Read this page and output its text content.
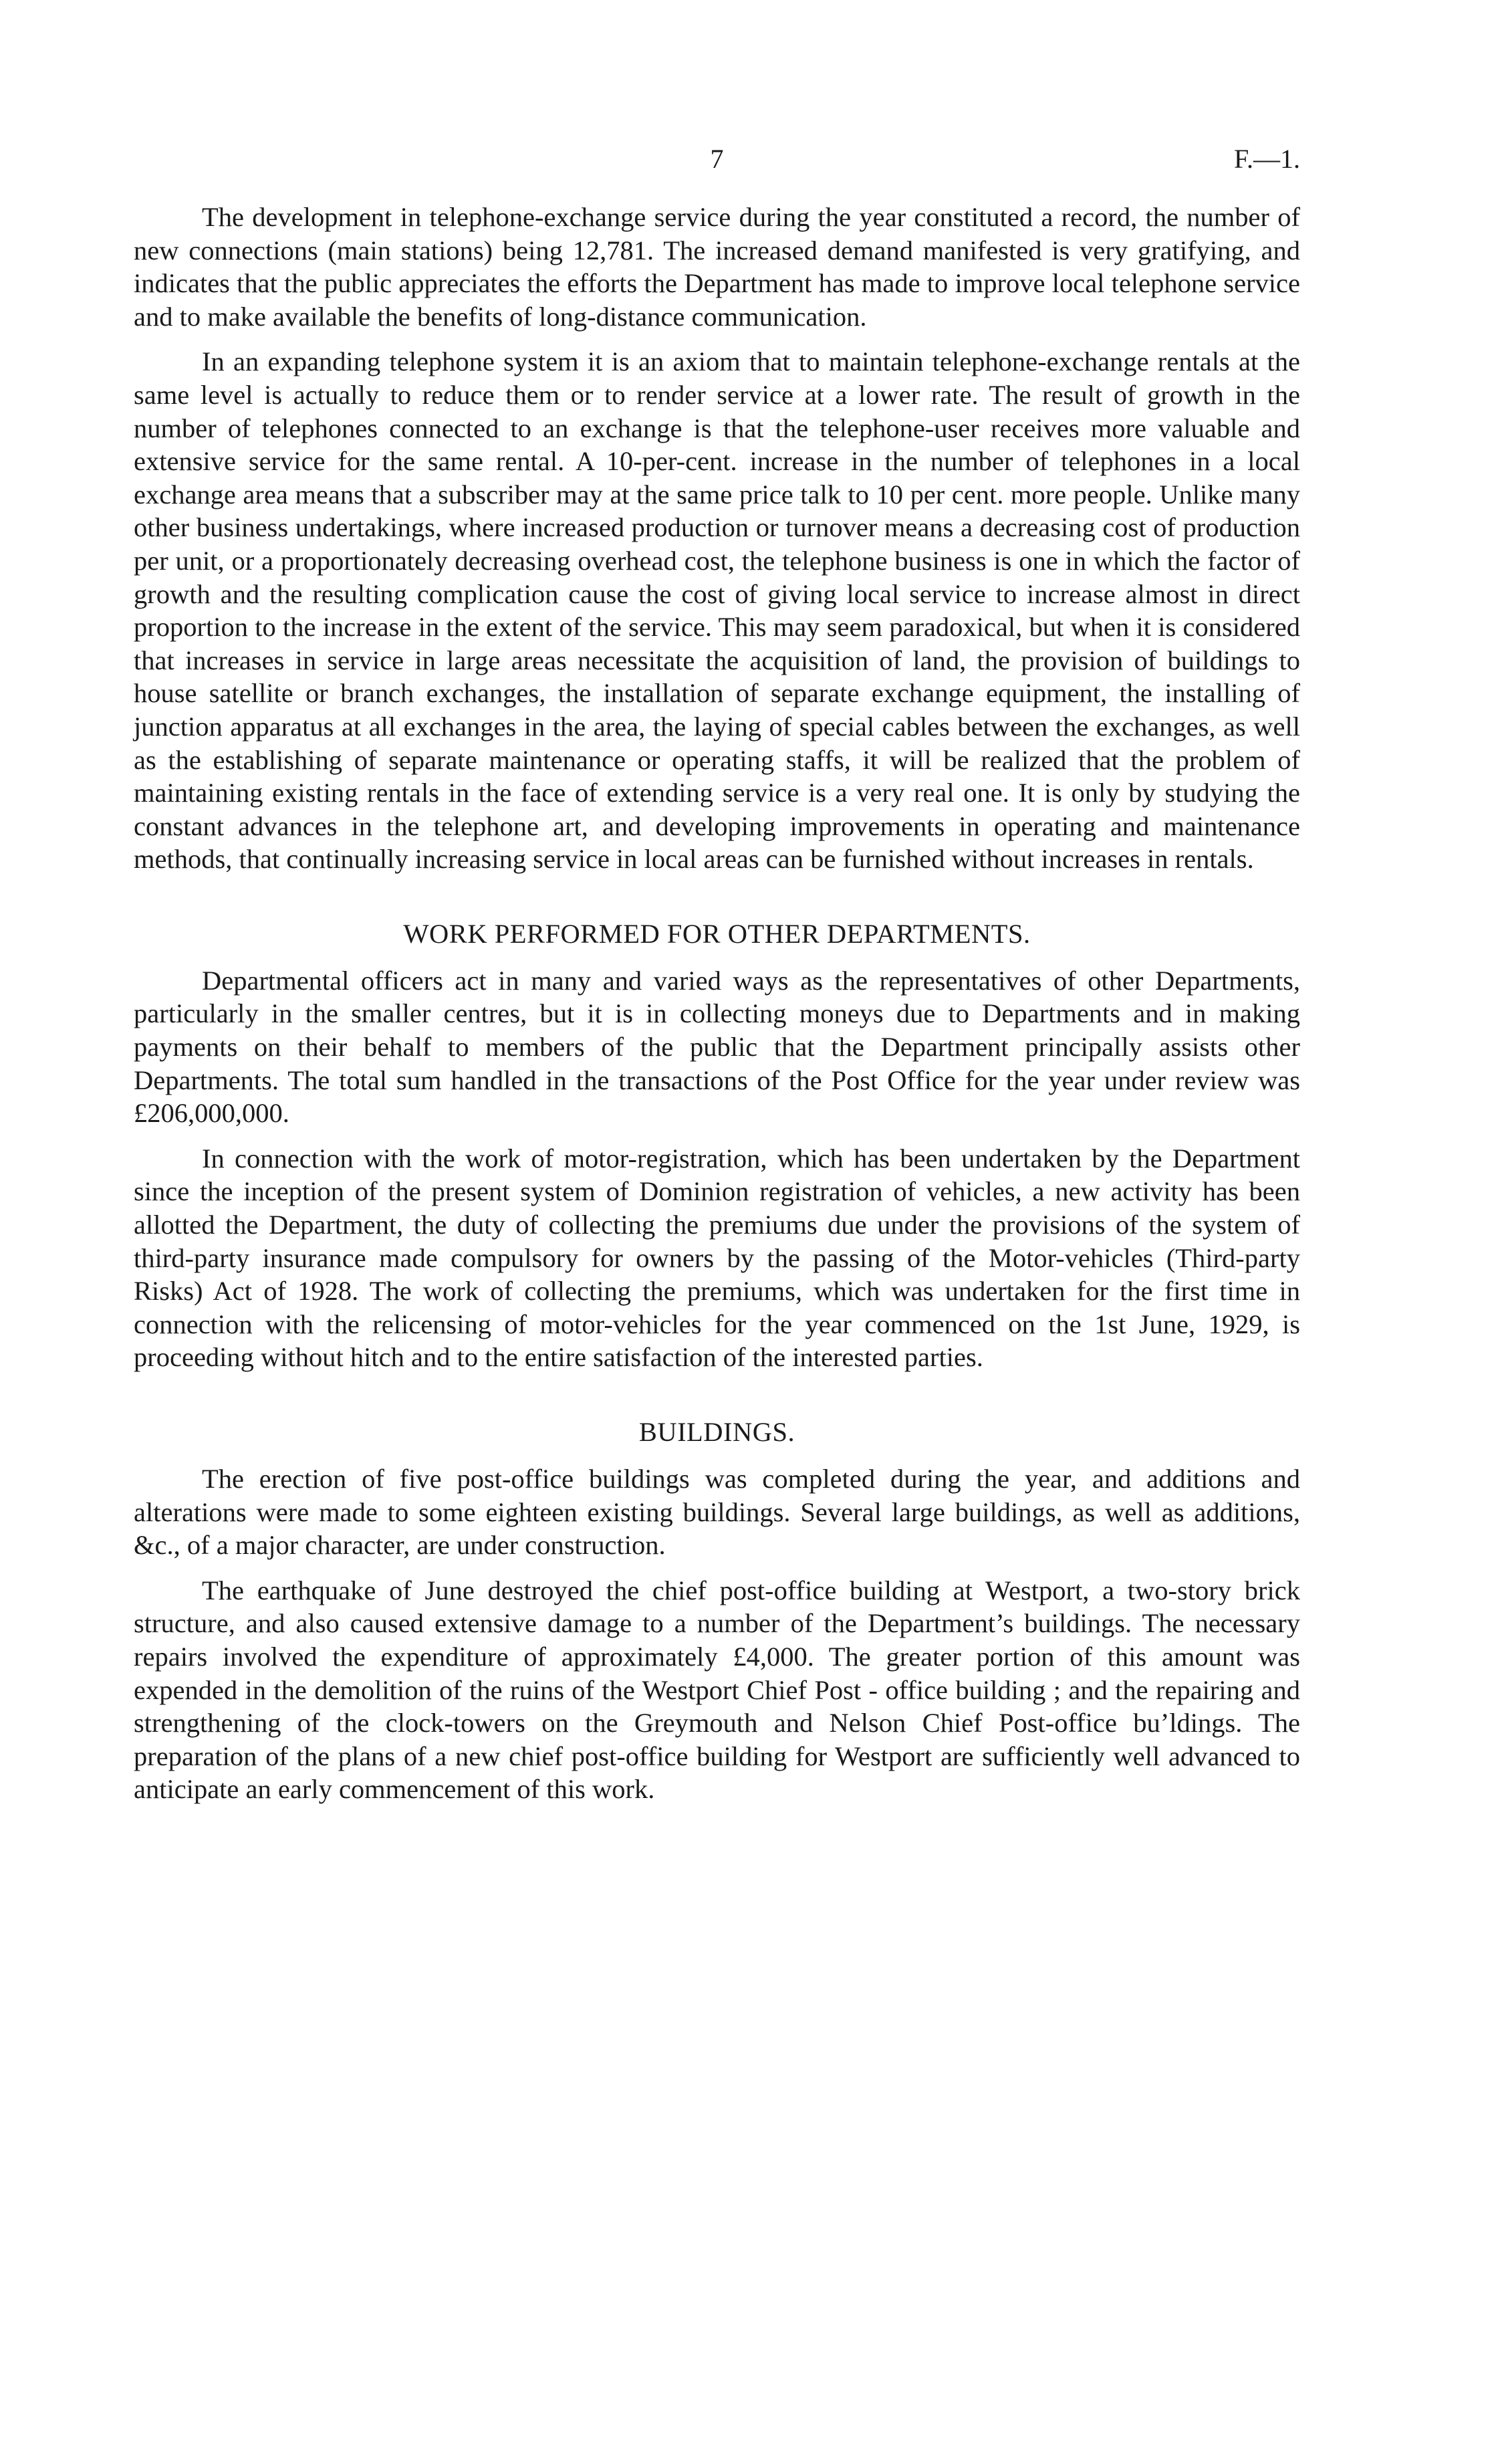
7	F.—1.

The development in telephone-exchange service during the year constituted a record, the number of new connections (main stations) being 12,781. The increased demand manifested is very gratifying, and indicates that the public appreciates the efforts the Department has made to improve local telephone service and to make available the benefits of long-distance communication.

In an expanding telephone system it is an axiom that to maintain telephone-exchange rentals at the same level is actually to reduce them or to render service at a lower rate. The result of growth in the number of telephones connected to an exchange is that the telephone-user receives more valuable and extensive service for the same rental. A 10-per-cent. increase in the number of telephones in a local exchange area means that a subscriber may at the same price talk to 10 per cent. more people. Unlike many other business undertakings, where increased production or turnover means a decreasing cost of production per unit, or a proportionately decreasing overhead cost, the telephone business is one in which the factor of growth and the resulting complication cause the cost of giving local service to increase almost in direct proportion to the increase in the extent of the service. This may seem paradoxical, but when it is considered that increases in service in large areas necessitate the acquisition of land, the provision of buildings to house satellite or branch exchanges, the installation of separate exchange equipment, the installing of junction apparatus at all exchanges in the area, the laying of special cables between the exchanges, as well as the establishing of separate maintenance or operating staffs, it will be realized that the problem of maintaining existing rentals in the face of extending service is a very real one. It is only by studying the constant advances in the telephone art, and developing improvements in operating and maintenance methods, that continually increasing service in local areas can be furnished without increases in rentals.

WORK PERFORMED FOR OTHER DEPARTMENTS.

Departmental officers act in many and varied ways as the representatives of other Departments, particularly in the smaller centres, but it is in collecting moneys due to Departments and in making payments on their behalf to members of the public that the Department principally assists other Departments. The total sum handled in the transactions of the Post Office for the year under review was £206,000,000.

In connection with the work of motor-registration, which has been undertaken by the Department since the inception of the present system of Dominion registration of vehicles, a new activity has been allotted the Department, the duty of collecting the premiums due under the provisions of the system of third-party insurance made compulsory for owners by the passing of the Motor-vehicles (Third-party Risks) Act of 1928. The work of collecting the premiums, which was undertaken for the first time in connection with the relicensing of motor-vehicles for the year commenced on the 1st June, 1929, is proceeding without hitch and to the entire satisfaction of the interested parties.

BUILDINGS.

The erection of five post-office buildings was completed during the year, and additions and alterations were made to some eighteen existing buildings. Several large buildings, as well as additions, &c., of a major character, are under construction.

The earthquake of June destroyed the chief post-office building at Westport, a two-story brick structure, and also caused extensive damage to a number of the Department’s buildings. The necessary repairs involved the expenditure of approximately £4,000. The greater portion of this amount was expended in the demolition of the ruins of the Westport Chief Post - office building ; and the repairing and strengthening of the clock-towers on the Greymouth and Nelson Chief Post-office bu’ldings. The preparation of the plans of a new chief post-office building for Westport are sufficiently well advanced to anticipate an early commencement of this work.
